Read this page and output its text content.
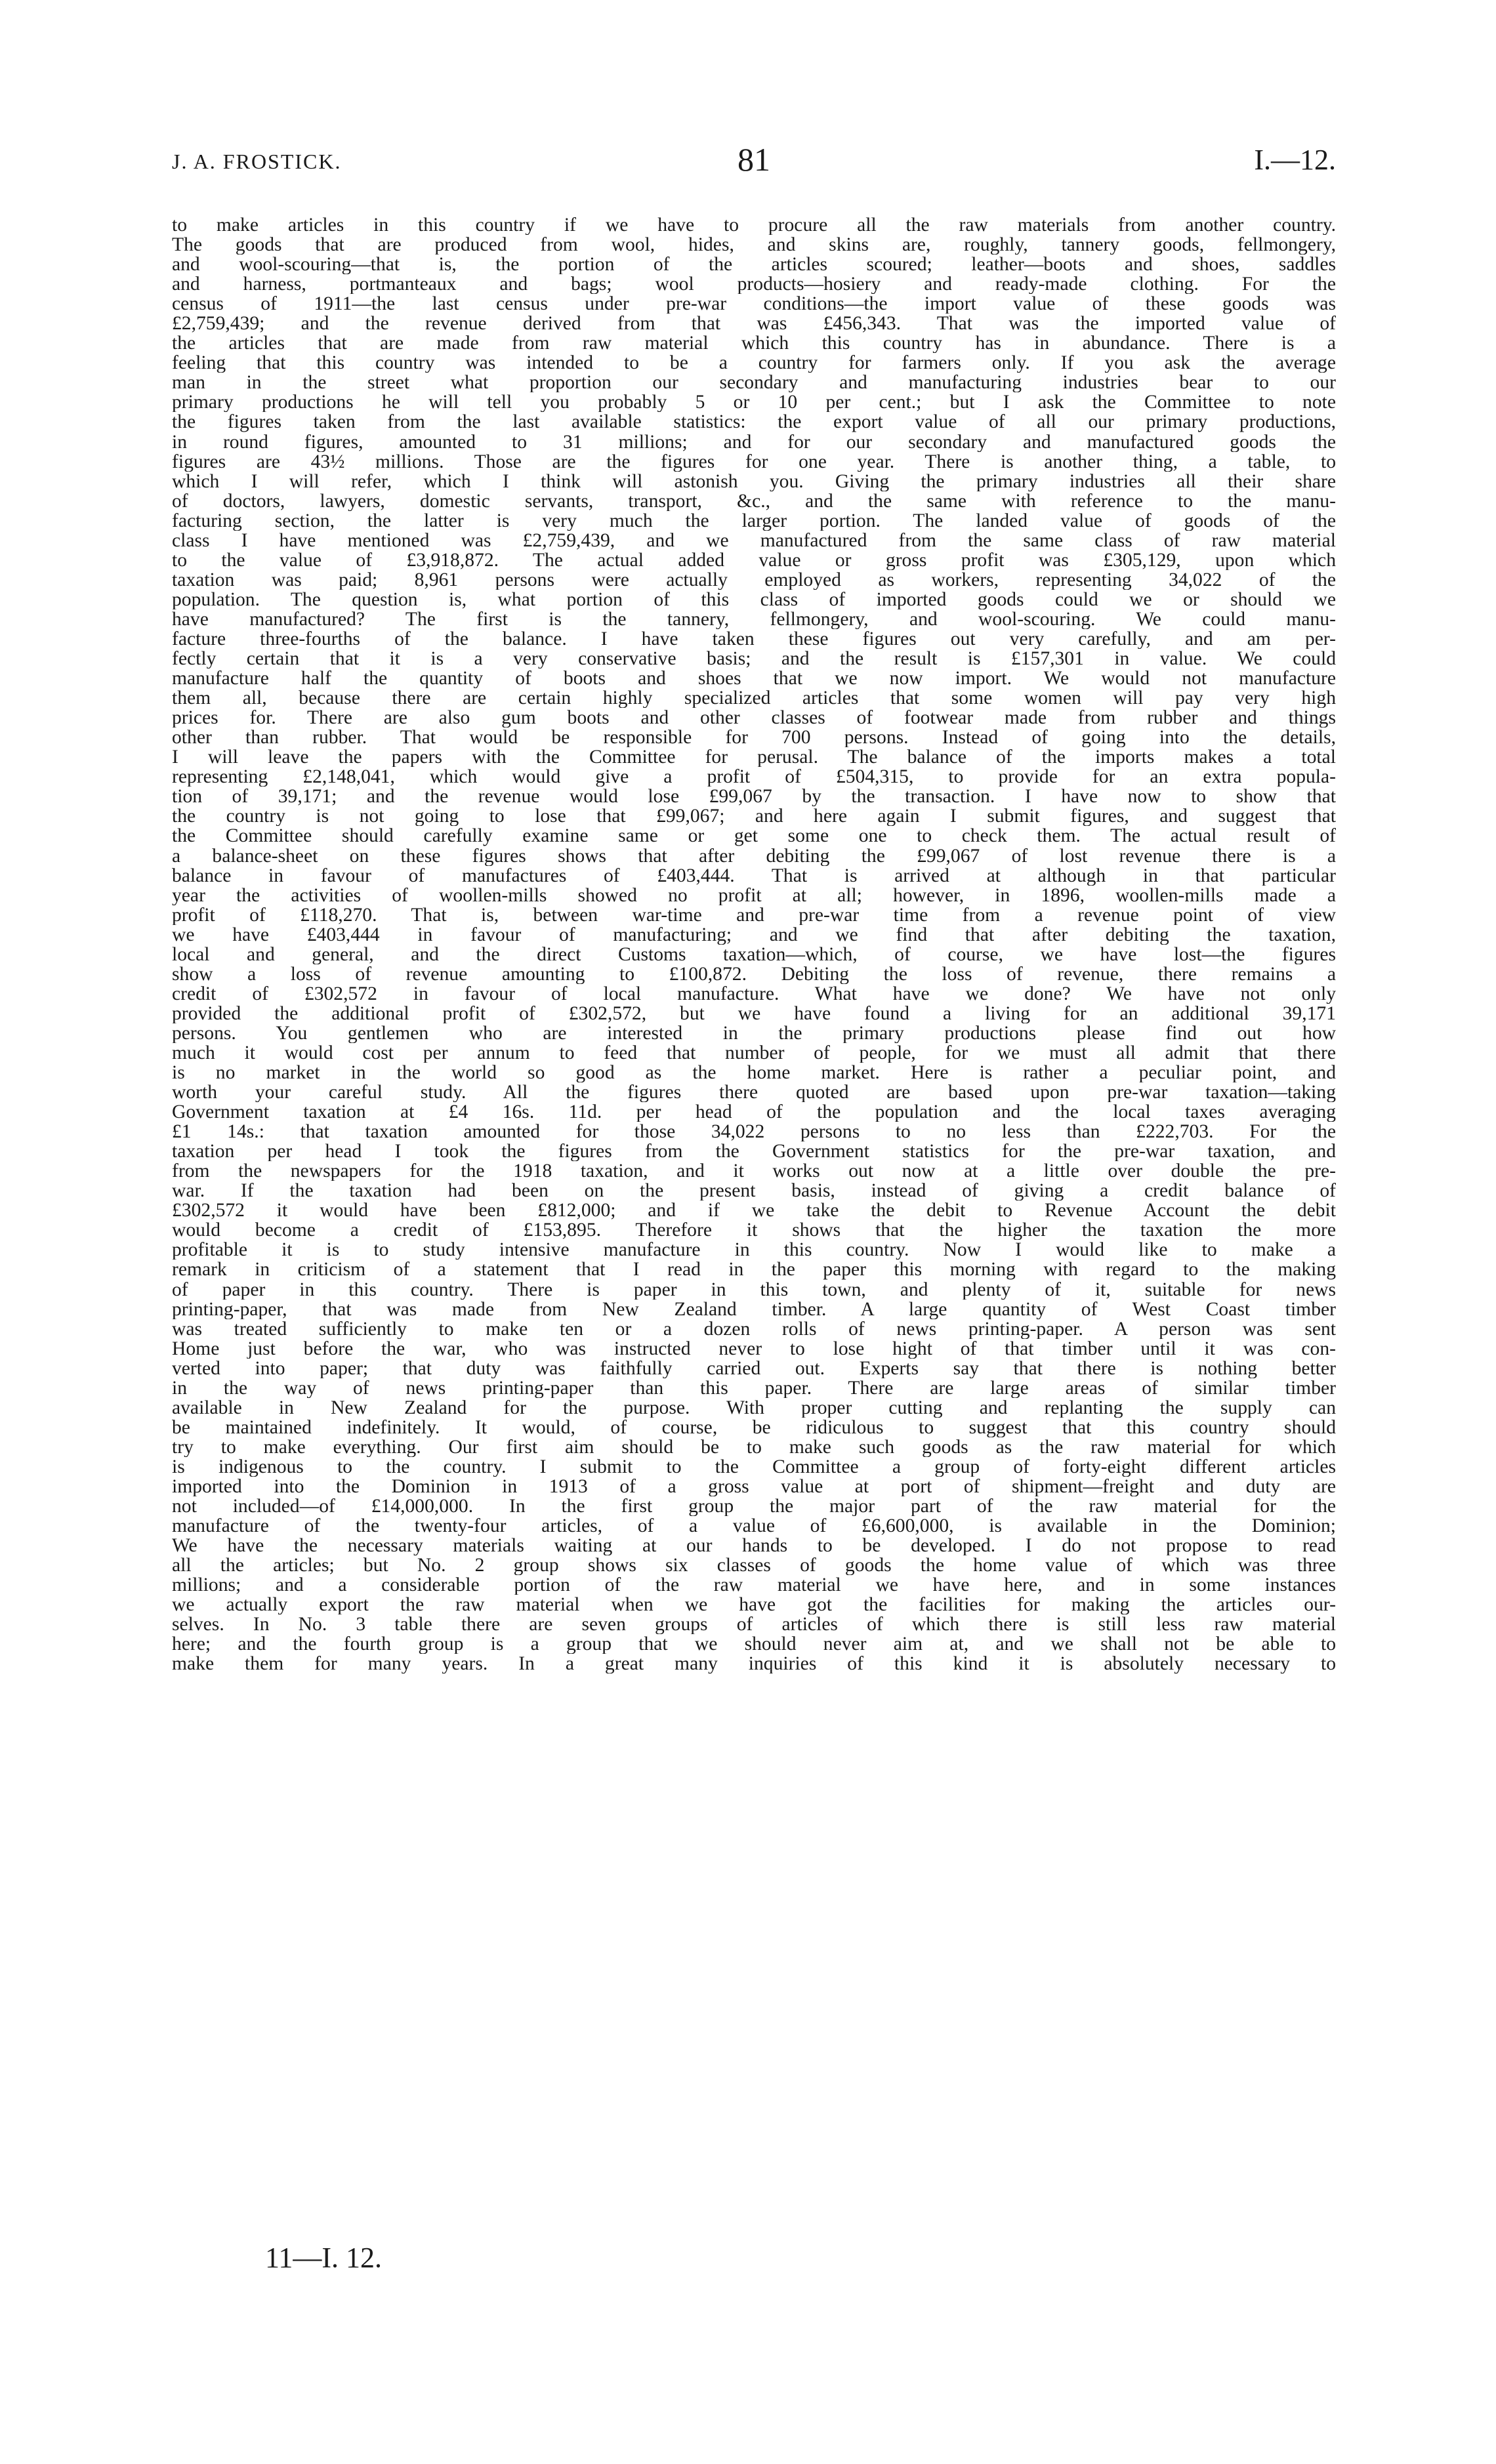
J. A. FROSTICK.	81	I.—12.
to make articles in this country if we have to procure all the raw materials from another country.
The goods that are produced from wool, hides, and skins are, roughly, tannery goods, fellmongery,
and wool-scouring—that is, the portion of the articles scoured; leather—boots and shoes, saddles
and harness, portmanteaux and bags; wool products—hosiery and ready-made clothing. For the
census of 1911—the last census under pre-war conditions—the import value of these goods was
£2,759,439; and the revenue derived from that was £456,343. That was the imported value of
the articles that are made from raw material which this country has in abundance. There is a
feeling that this country was intended to be a country for farmers only. If you ask the average
man in the street what proportion our secondary and manufacturing industries bear to our
primary productions he will tell you probably 5 or 10 per cent.; but I ask the Committee to note
the figures taken from the last available statistics: the export value of all our primary productions,
in round figures, amounted to 31 millions; and for our secondary and manufactured goods the
figures are 43½ millions. Those are the figures for one year. There is another thing, a table, to
which I will refer, which I think will astonish you. Giving the primary industries all their share
of doctors, lawyers, domestic servants, transport, &c., and the same with reference to the manu-
facturing section, the latter is very much the larger portion. The landed value of goods of the
class I have mentioned was £2,759,439, and we manufactured from the same class of raw material
to the value of £3,918,872. The actual added value or gross profit was £305,129, upon which
taxation was paid; 8,961 persons were actually employed as workers, representing 34,022 of the
population. The question is, what portion of this class of imported goods could we or should we
have manufactured? The first is the tannery, fellmongery, and wool-scouring. We could manu-
facture three-fourths of the balance. I have taken these figures out very carefully, and am per-
fectly certain that it is a very conservative basis; and the result is £157,301 in value. We could
manufacture half the quantity of boots and shoes that we now import. We would not manufacture
them all, because there are certain highly specialized articles that some women will pay very high
prices for. There are also gum boots and other classes of footwear made from rubber and things
other than rubber. That would be responsible for 700 persons. Instead of going into the details,
I will leave the papers with the Committee for perusal. The balance of the imports makes a total
representing £2,148,041, which would give a profit of £504,315, to provide for an extra popula-
tion of 39,171; and the revenue would lose £99,067 by the transaction. I have now to show that
the country is not going to lose that £99,067; and here again I submit figures, and suggest that
the Committee should carefully examine same or get some one to check them. The actual result of
a balance-sheet on these figures shows that after debiting the £99,067 of lost revenue there is a
balance in favour of manufactures of £403,444. That is arrived at although in that particular
year the activities of woollen-mills showed no profit at all; however, in 1896, woollen-mills made a
profit of £118,270. That is, between war-time and pre-war time from a revenue point of view
we have £403,444 in favour of manufacturing; and we find that after debiting the taxation,
local and general, and the direct Customs taxation—which, of course, we have lost—the figures
show a loss of revenue amounting to £100,872. Debiting the loss of revenue, there remains a
credit of £302,572 in favour of local manufacture. What have we done? We have not only
provided the additional profit of £302,572, but we have found a living for an additional 39,171
persons. You gentlemen who are interested in the primary productions please find out how
much it would cost per annum to feed that number of people, for we must all admit that there
is no market in the world so good as the home market. Here is rather a peculiar point, and
worth your careful study. All the figures there quoted are based upon pre-war taxation—taking
Government taxation at £4 16s. 11d. per head of the population and the local taxes averaging
£1 14s.: that taxation amounted for those 34,022 persons to no less than £222,703. For the
taxation per head I took the figures from the Government statistics for the pre-war taxation, and
from the newspapers for the 1918 taxation, and it works out now at a little over double the pre-
war. If the taxation had been on the present basis, instead of giving a credit balance of
£302,572 it would have been £812,000; and if we take the debit to Revenue Account the debit
would become a credit of £153,895. Therefore it shows that the higher the taxation the more
profitable it is to study intensive manufacture in this country. Now I would like to make a
remark in criticism of a statement that I read in the paper this morning with regard to the making
of paper in this country. There is paper in this town, and plenty of it, suitable for news
printing-paper, that was made from New Zealand timber. A large quantity of West Coast timber
was treated sufficiently to make ten or a dozen rolls of news printing-paper. A person was sent
Home just before the war, who was instructed never to lose hight of that timber until it was con-
verted into paper; that duty was faithfully carried out. Experts say that there is nothing better
in the way of news printing-paper than this paper. There are large areas of similar timber
available in New Zealand for the purpose. With proper cutting and replanting the supply can
be maintained indefinitely. It would, of course, be ridiculous to suggest that this country should
try to make everything. Our first aim should be to make such goods as the raw material for which
is indigenous to the country. I submit to the Committee a group of forty-eight different articles
imported into the Dominion in 1913 of a gross value at port of shipment—freight and duty are
not included—of £14,000,000. In the first group the major part of the raw material for the
manufacture of the twenty-four articles, of a value of £6,600,000, is available in the Dominion;
We have the necessary materials waiting at our hands to be developed. I do not propose to read
all the articles; but No. 2 group shows six classes of goods the home value of which was three
millions; and a considerable portion of the raw material we have here, and in some instances
we actually export the raw material when we have got the facilities for making the articles our-
selves. In No. 3 table there are seven groups of articles of which there is still less raw material
here; and the fourth group is a group that we should never aim at, and we shall not be able to
make them for many years. In a great many inquiries of this kind it is absolutely necessary to
11—I. 12.
